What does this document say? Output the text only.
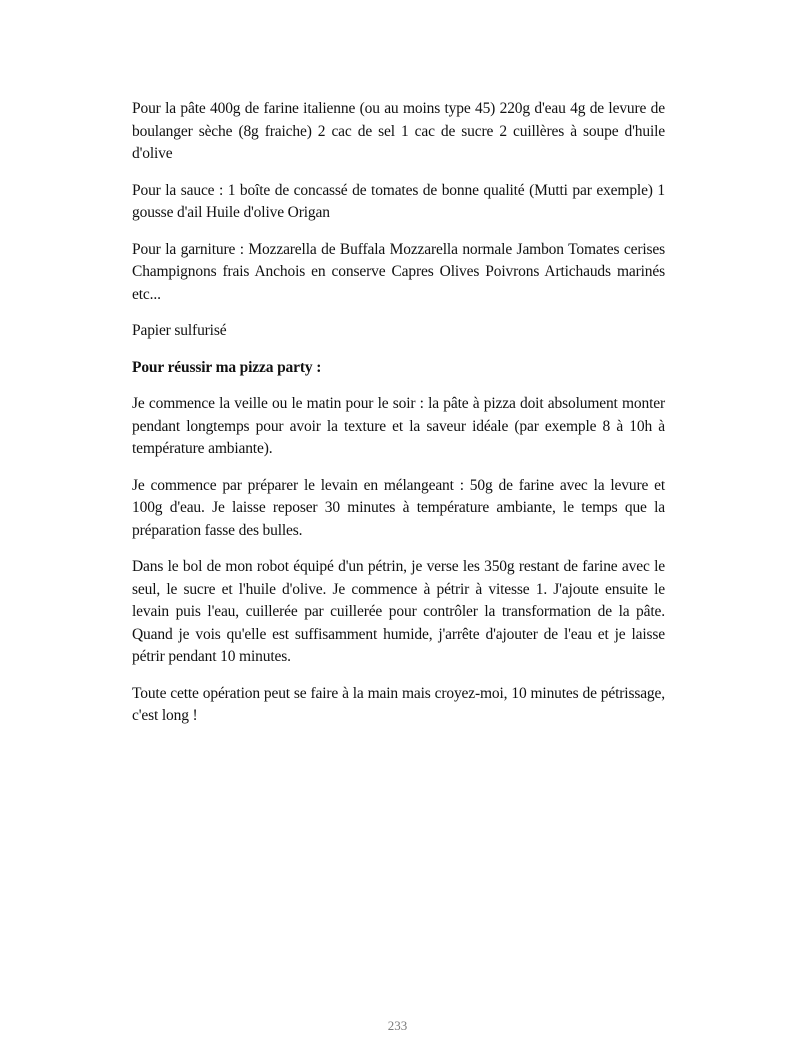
Pour la pâte 400g de farine italienne (ou au moins type 45) 220g d'eau 4g de levure de boulanger sèche (8g fraiche) 2 cac de sel 1 cac de sucre 2 cuillères à soupe d'huile d'olive

Pour la sauce : 1 boîte de concassé de tomates de bonne qualité (Mutti par exemple) 1 gousse d'ail Huile d'olive Origan

Pour la garniture : Mozzarella de Buffala Mozzarella normale Jambon Tomates cerises Champignons frais Anchois en conserve Capres Olives Poivrons Artichauds marinés etc...

Papier sulfurisé

Pour réussir ma pizza party :

Je commence la veille ou le matin pour le soir : la pâte à pizza doit absolument monter pendant longtemps pour avoir la texture et la saveur idéale (par exemple 8 à 10h à température ambiante).

Je commence par préparer le levain en mélangeant : 50g de farine avec la levure et 100g d'eau. Je laisse reposer 30 minutes à température ambiante, le temps que la préparation fasse des bulles.

Dans le bol de mon robot équipé d'un pétrin, je verse les 350g restant de farine avec le seul, le sucre et l'huile d'olive. Je commence à pétrir à vitesse 1. J'ajoute ensuite le levain puis l'eau, cuillerée par cuillerée pour contrôler la transformation de la pâte. Quand je vois qu'elle est suffisamment humide, j'arrête d'ajouter de l'eau et je laisse pétrir pendant 10 minutes.

Toute cette opération peut se faire à la main mais croyez-moi, 10 minutes de pétrissage, c'est long !

233
